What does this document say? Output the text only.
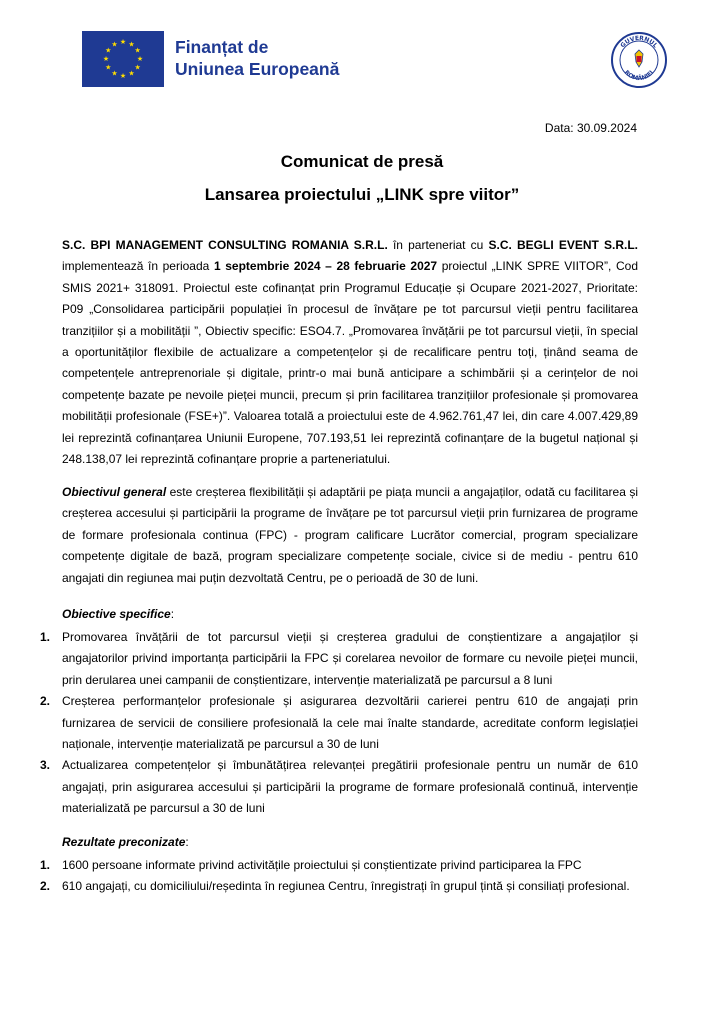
★ ★
★
★
★
★
★
★
★
★
★
★	Finanțat de
Uniunea Europeană
GUVERNUL
ROMÂNIEI
Data: 30.09.2024
Comunicat de presă
Lansarea proiectului „LINK spre viitor”

S.C. BPI MANAGEMENT CONSULTING ROMANIA S.R.L. în parteneriat cu S.C. BEGLI EVENT S.R.L. implementează în perioada 1 septembrie 2024 – 28 februarie 2027 proiectul „LINK SPRE VIITOR”, Cod SMIS 2021+ 318091. Proiectul este cofinanțat prin Programul Educație și Ocupare 2021-2027, Prioritate: P09 „Consolidarea participării populației în procesul de învățare pe tot parcursul vieții pentru facilitarea tranzițiilor și a mobilității ”, Obiectiv specific: ESO4.7. „Promovarea învățării pe tot parcursul vieții, în special a oportunităților flexibile de actualizare a competențelor și de recalificare pentru toți, ținând seama de competențele antreprenoriale și digitale, printr-o mai bună anticipare a schimbării și a cerințelor de noi competențe bazate pe nevoile pieței muncii, precum și prin facilitarea tranzițiilor profesionale și promovarea mobilității profesionale (FSE+)”. Valoarea totală a proiectului este de 4.962.761,47 lei, din care 4.007.429,89 lei reprezintă cofinanțarea Uniunii Europene, 707.193,51 lei reprezintă cofinanțare de la bugetul național și 248.138,07 lei reprezintă cofinanțare proprie a parteneriatului.

Obiectivul general este creșterea flexibilității și adaptării pe piața muncii a angajaților, odată cu facilitarea și creșterea accesului și participării la programe de învățare pe tot parcursul vieții prin furnizarea de programe de formare profesionala continua (FPC) - program calificare Lucrător comercial, program specializare competențe digitale de bază, program specializare competențe sociale, civice si de mediu - pentru 610 angajati din regiunea mai puțin dezvoltată Centru, pe o perioadă de 30 de luni.

Obiective specifice:

1. Promovarea învățării de tot parcursul vieții și creșterea gradului de conștientizare a angajaților și angajatorilor privind importanța participării la FPC și corelarea nevoilor de formare cu nevoile pieței muncii, prin derularea unei campanii de conștientizare, intervenție materializată pe parcursul a 8 luni
2. Creșterea performanțelor profesionale și asigurarea dezvoltării carierei pentru 610 de angajați prin furnizarea de servicii de consiliere profesională la cele mai înalte standarde, acreditate conform legislației naționale, intervenție materializată pe parcursul a 30 de luni
3. Actualizarea competențelor și îmbunătățirea relevanței pregătirii profesionale pentru un număr de 610 angajați, prin asigurarea accesului și participării la programe de formare profesională continuă, intervenție materializată pe parcursul a 30 de luni

Rezultate preconizate:

1. 1600 persoane informate privind activitățile proiectului și conștientizate privind participarea la FPC
2. 610 angajați, cu domiciliului/reședinta în regiunea Centru, înregistrați în grupul țintă și consiliați profesional.
